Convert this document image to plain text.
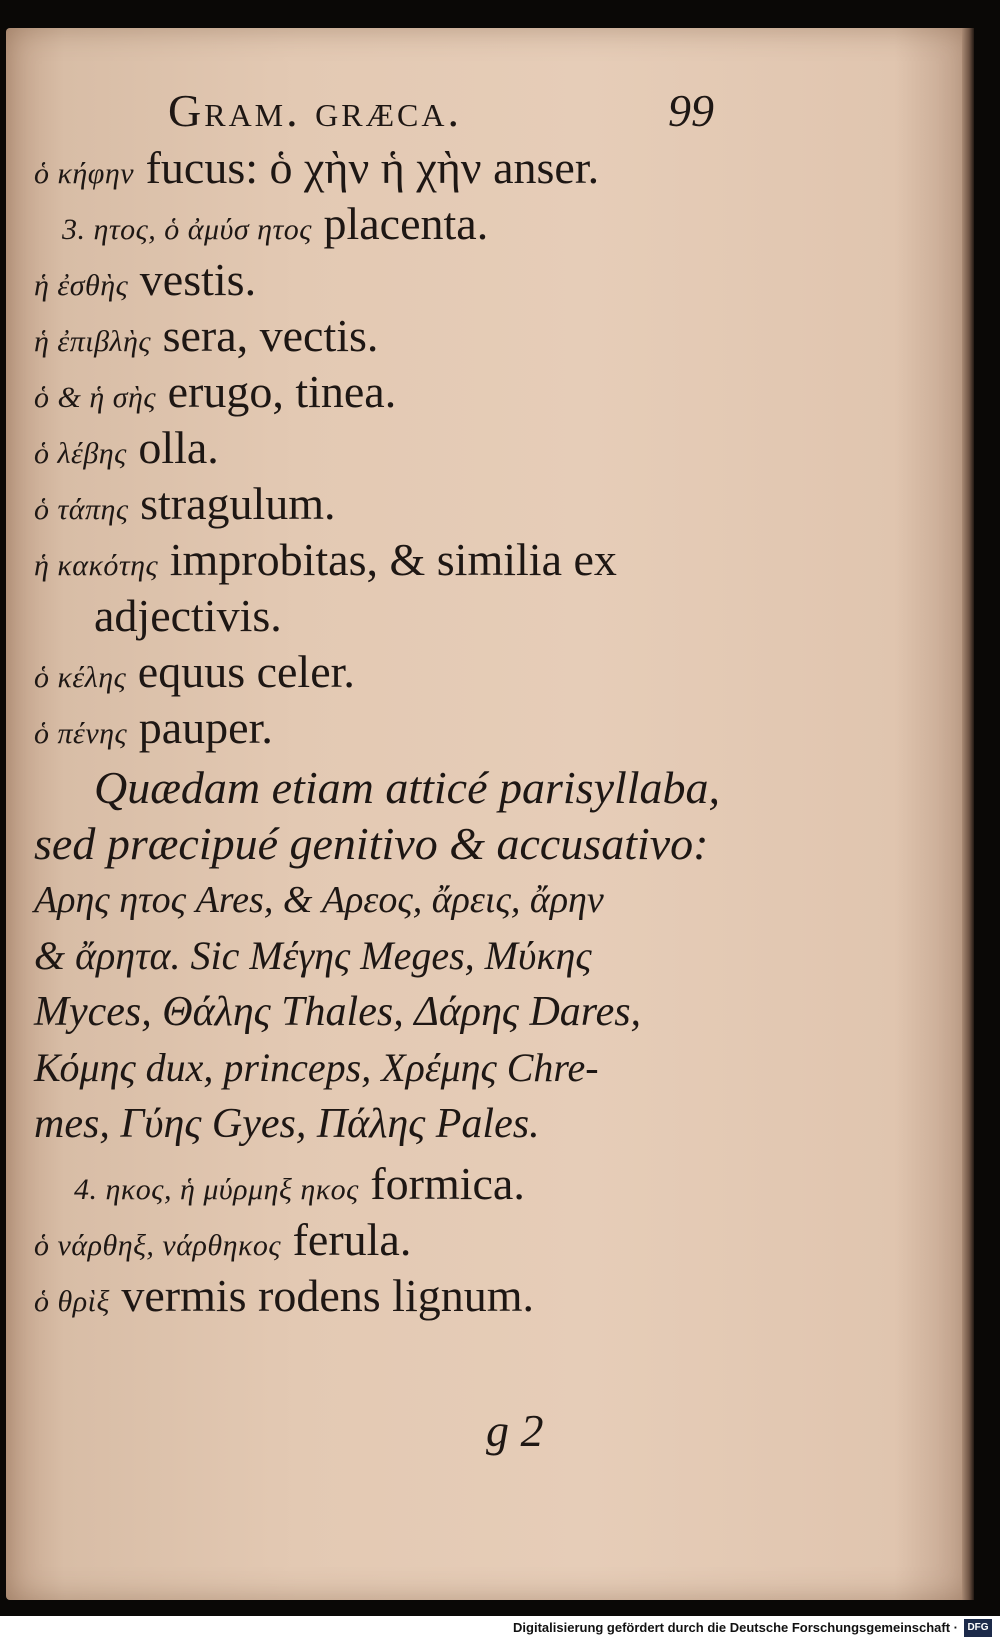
Gram. græca.	99
ὁ κήφην fucus: ὁ χὴν ἡ χὴν anser.
3. ητος, ὁ ἀμύσ ητος placenta.
ἡ ἐσθὴς vestis.
ἡ ἐπιβλὴς sera, vectis.
ὁ & ἡ σὴς erugo, tinea.
ὁ λέβης olla.
ὁ τάπης stragulum.
ἡ κακότης improbitas, & similia ex
adjectivis.
ὁ κέλης equus celer.
ὁ πένης pauper.
Quædam etiam atticé parisyllaba,
sed præcipué genitivo & accusativo:
Αρης ητος Ares, & Αρεος, ἄρεις, ἄρην
& ἄρητα. Sic Μέγης Meges, Μύκης
Myces, Θάλης Thales, Δάρης Dares,
Κόμης dux, princeps, Χρέμης Chre-
mes, Γύης Gyes, Πάλης Pales.
4. ηκος, ἡ μύρμηξ ηκος formica.
ὁ νάρθηξ, νάρθηκος ferula.
ὁ θρὶξ vermis rodens lignum.
g 2
Digitalisierung gefördert durch die Deutsche Forschungsgemeinschaft · DFG
